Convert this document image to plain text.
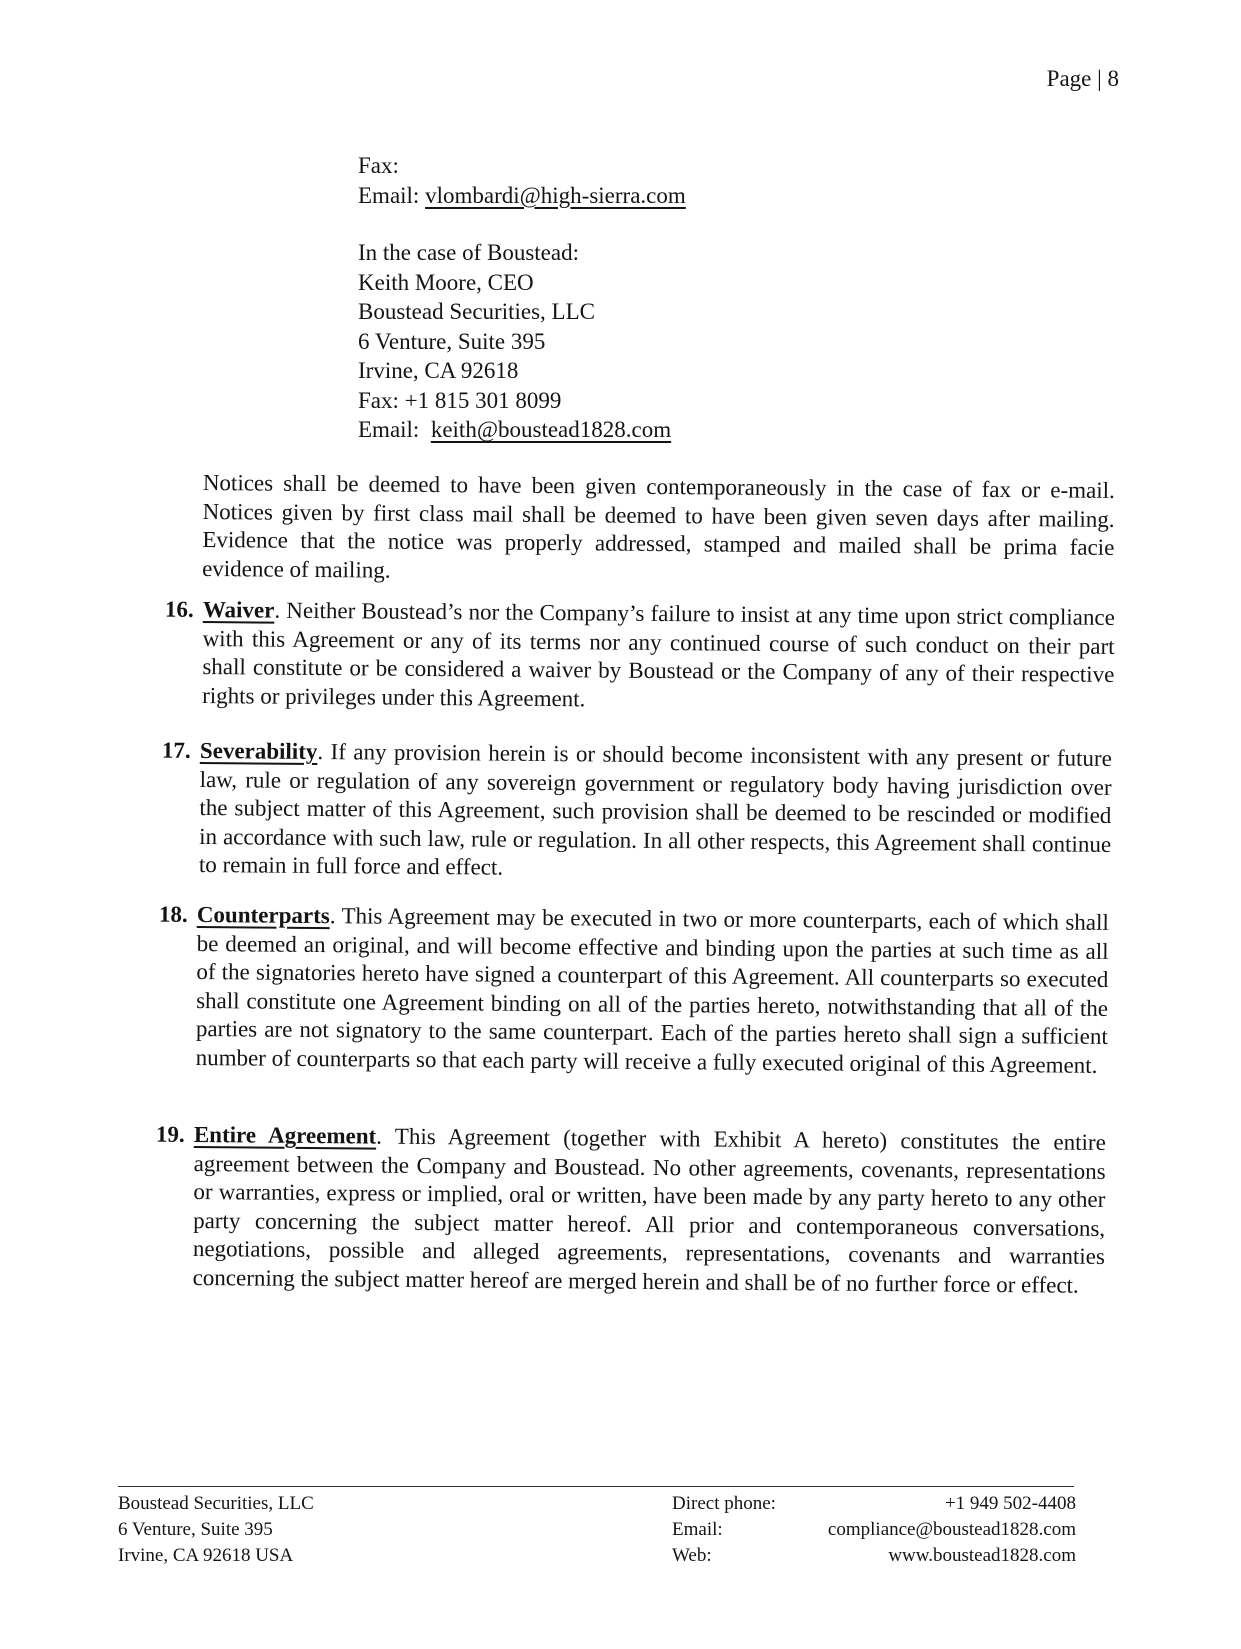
Page | 8
Fax:
Email: vlombardi@high-sierra.com
In the case of Boustead:
Keith Moore, CEO
Boustead Securities, LLC
6 Venture, Suite 395
Irvine, CA 92618
Fax: +1 815 301 8099
Email: keith@boustead1828.com
Notices shall be deemed to have been given contemporaneously in the case of fax or e-mail. Notices given by first class mail shall be deemed to have been given seven days after mailing. Evidence that the notice was properly addressed, stamped and mailed shall be prima facie evidence of mailing.
16. Waiver. Neither Boustead’s nor the Company’s failure to insist at any time upon strict compliance with this Agreement or any of its terms nor any continued course of such conduct on their part shall constitute or be considered a waiver by Boustead or the Company of any of their respective rights or privileges under this Agreement.
17. Severability. If any provision herein is or should become inconsistent with any present or future law, rule or regulation of any sovereign government or regulatory body having jurisdiction over the subject matter of this Agreement, such provision shall be deemed to be rescinded or modified in accordance with such law, rule or regulation. In all other respects, this Agreement shall continue to remain in full force and effect.
18. Counterparts. This Agreement may be executed in two or more counterparts, each of which shall be deemed an original, and will become effective and binding upon the parties at such time as all of the signatories hereto have signed a counterpart of this Agreement. All counterparts so executed shall constitute one Agreement binding on all of the parties hereto, notwithstanding that all of the parties are not signatory to the same counterpart. Each of the parties hereto shall sign a sufficient number of counterparts so that each party will receive a fully executed original of this Agreement.
19. Entire Agreement. This Agreement (together with Exhibit A hereto) constitutes the entire agreement between the Company and Boustead. No other agreements, covenants, representations or warranties, express or implied, oral or written, have been made by any party hereto to any other party concerning the subject matter hereof. All prior and contemporaneous conversations, negotiations, possible and alleged agreements, representations, covenants and warranties concerning the subject matter hereof are merged herein and shall be of no further force or effect.
Boustead Securities, LLC
6 Venture, Suite 395
Irvine, CA 92618 USA
Direct phone:	+1 949 502-4408
Email:	compliance@boustead1828.com
Web:	www.boustead1828.com
